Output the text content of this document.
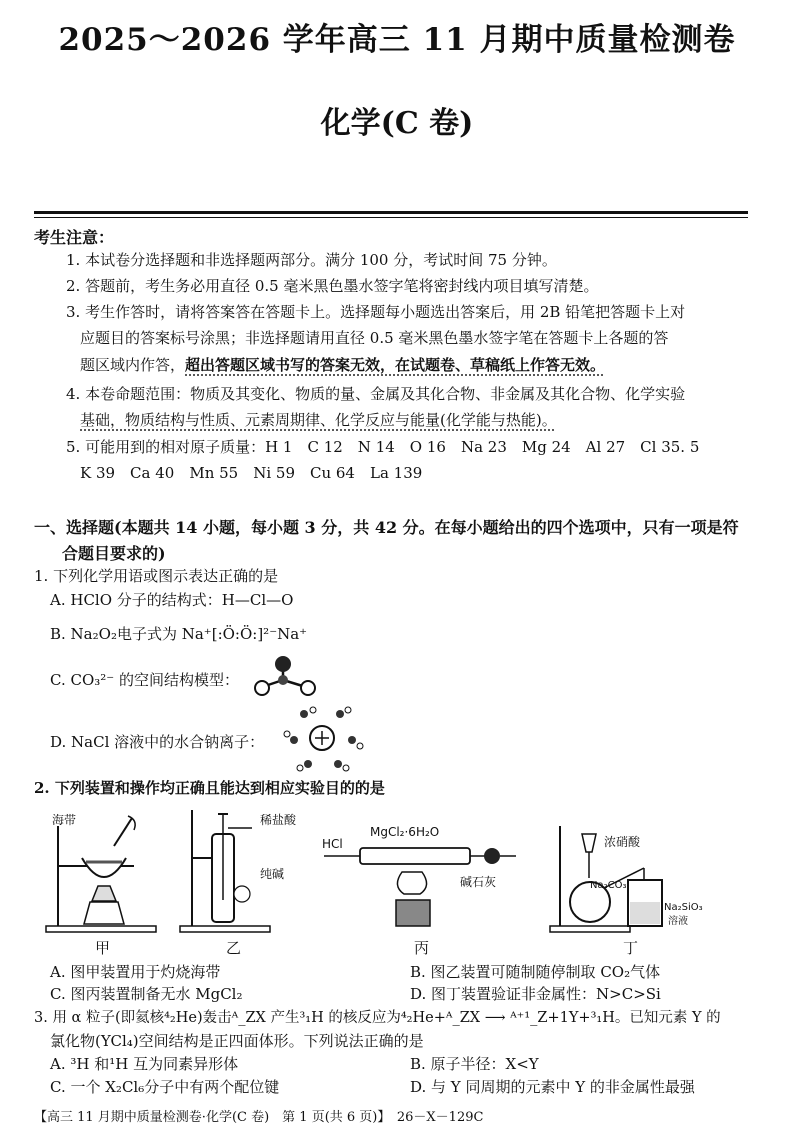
2025～2026 学年高三 11 月期中质量检测卷
化学(C 卷)
考生注意：
1. 本试卷分选择题和非选择题两部分。满分 100 分，考试时间 75 分钟。
2. 答题前，考生务必用直径 0.5 毫米黑色墨水签字笔将密封线内项目填写清楚。
3. 考生作答时，请将答案答在答题卡上。选择题每小题选出答案后，用 2B 铅笔把答题卡上对
应题目的答案标号涂黑；非选择题请用直径 0.5 毫米黑色墨水签字笔在答题卡上各题的答
题区域内作答，超出答题区域书写的答案无效，在试题卷、草稿纸上作答无效。
4. 本卷命题范围：物质及其变化、物质的量、金属及其化合物、非金属及其化合物、化学实验
基础，物质结构与性质、元素周期律、化学反应与能量(化学能与热能)。
5. 可能用到的相对原子质量：H 1　C 12　N 14　O 16　Na 23　Mg 24　Al 27　Cl 35. 5
K 39　Ca 40　Mn 55　Ni 59　Cu 64　La 139
一、选择题(本题共 14 小题，每小题 3 分，共 42 分。在每小题给出的四个选项中，只有一项是符
合题目要求的)
1. 下列化学用语或图示表达正确的是
A. HClO 分子的结构式：H—Cl—O
B. Na₂O₂电子式为 Na⁺[:Ö:Ö:]²⁻Na⁺
C. CO₃²⁻ 的空间结构模型：
D. NaCl 溶液中的水合钠离子：
2. 下列装置和操作均正确且能达到相应实验目的的是
海带	稀盐酸
纯碱
HCl
MgCl₂·6H₂O
碱石灰
浓硝酸
Na₂CO₃
Na₂SiO₃
溶液
甲	乙	丙	丁
A. 图甲装置用于灼烧海带	B. 图乙装置可随制随停制取 CO₂气体
C. 图丙装置制备无水 MgCl₂	D. 图丁装置验证非金属性：N>C>Si
3. 用 α 粒子(即氦核⁴₂He)轰击ᴬ_ZX 产生³₁H 的核反应为⁴₂He+ᴬ_ZX ⟶ ᴬ⁺¹_Z+1Y+³₁H。已知元素 Y 的
氯化物(YCl₄)空间结构是正四面体形。下列说法正确的是
A. ³H 和¹H 互为同素异形体	B. 原子半径：X<Y
C. 一个 X₂Cl₆分子中有两个配位键	D. 与 Y 同周期的元素中 Y 的非金属性最强
【高三 11 月期中质量检测卷·化学(C 卷)　第 1 页(共 6 页)】　26－X－129C
